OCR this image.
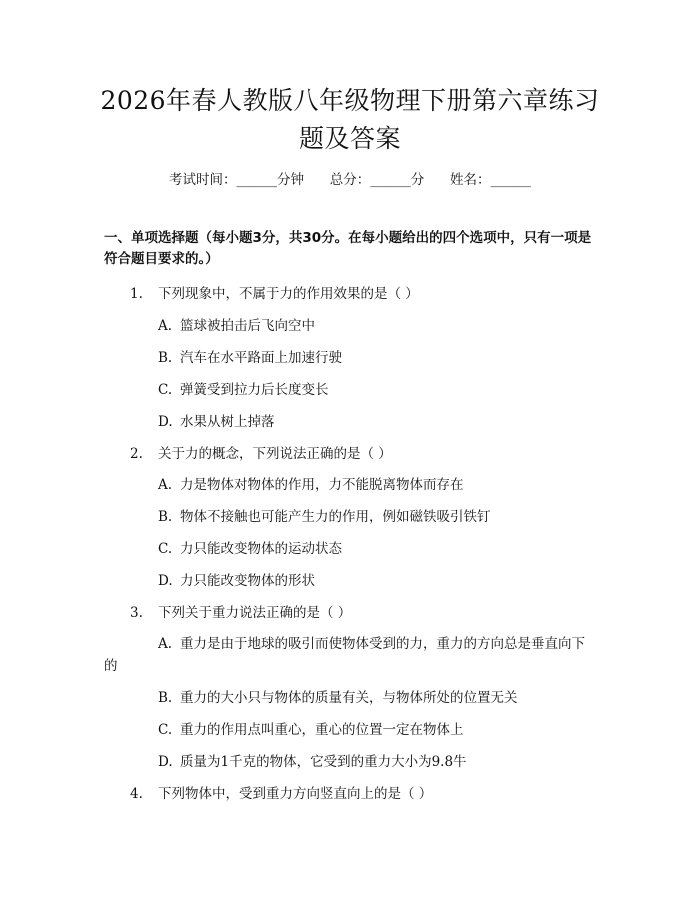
2026年春人教版八年级物理下册第六章练习题及答案
考试时间：______分钟      总分：______分      姓名：______
一、单项选择题（每小题3分，共30分。在每小题给出的四个选项中，只有一项是符合题目要求的。）
1. 下列现象中，不属于力的作用效果的是（ ）
A. 篮球被拍击后飞向空中
B. 汽车在水平路面上加速行驶
C. 弹簧受到拉力后长度变长
D. 水果从树上掉落
2. 关于力的概念，下列说法正确的是（ ）
A. 力是物体对物体的作用，力不能脱离物体而存在
B. 物体不接触也可能产生力的作用，例如磁铁吸引铁钉
C. 力只能改变物体的运动状态
D. 力只能改变物体的形状
3. 下列关于重力说法正确的是（ ）
A. 重力是由于地球的吸引而使物体受到的力，重力的方向总是垂直向下
的
B. 重力的大小只与物体的质量有关，与物体所处的位置无关
C. 重力的作用点叫重心，重心的位置一定在物体上
D. 质量为1千克的物体，它受到的重力大小为9.8牛
4. 下列物体中，受到重力方向竖直向上的是（ ）
